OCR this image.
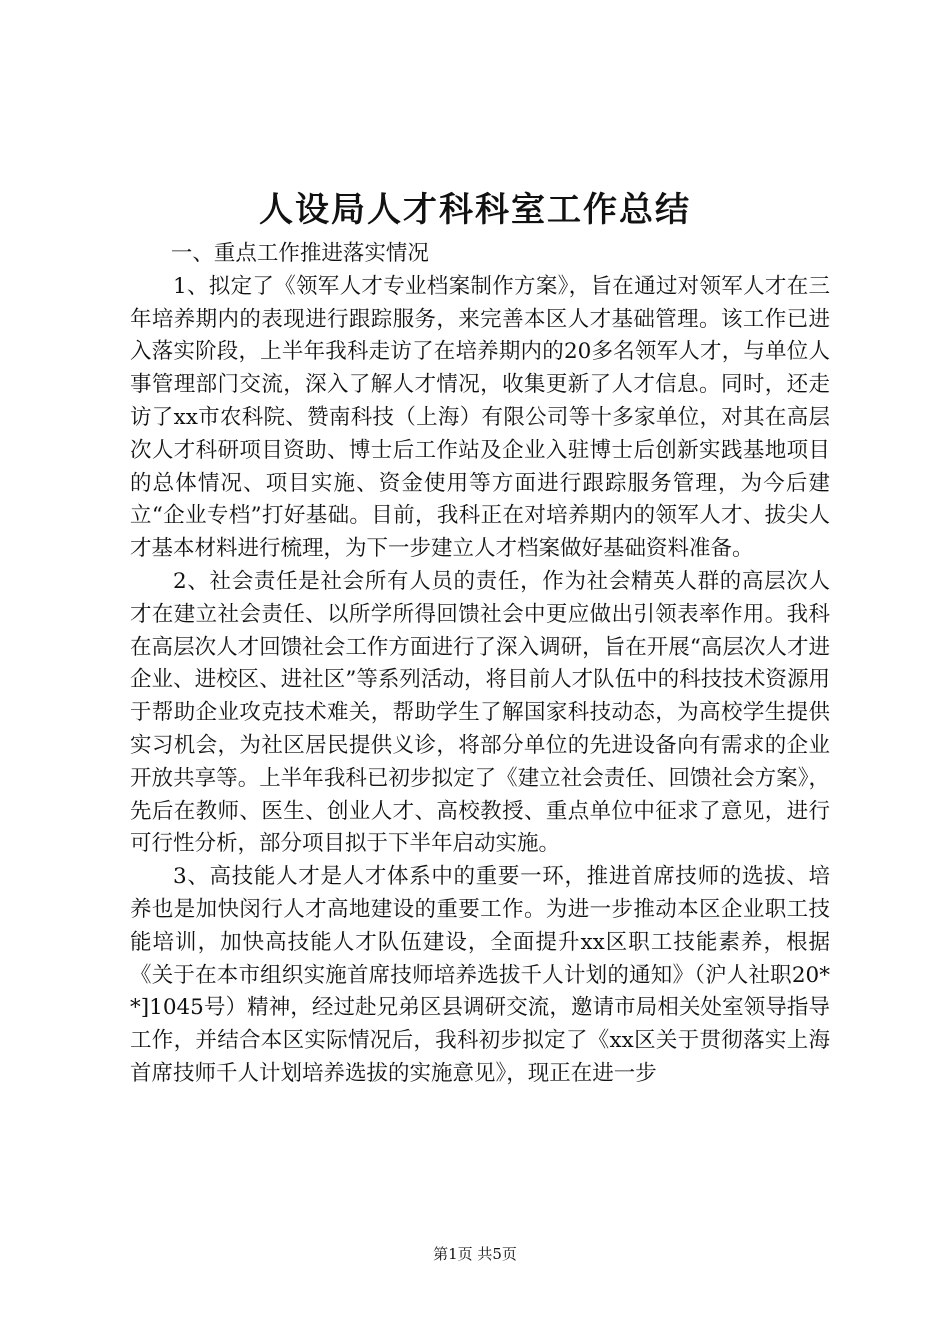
人设局人才科科室工作总结

一、重点工作推进落实情况

1、拟定了《领军人才专业档案制作方案》，旨在通过对领军人才在三年培养期内的表现进行跟踪服务，来完善本区人才基础管理。该工作已进入落实阶段，上半年我科走访了在培养期内的20多名领军人才，与单位人事管理部门交流，深入了解人才情况，收集更新了人才信息。同时，还走访了xx市农科院、赞南科技（上海）有限公司等十多家单位，对其在高层次人才科研项目资助、博士后工作站及企业入驻博士后创新实践基地项目的总体情况、项目实施、资金使用等方面进行跟踪服务管理，为今后建立“企业专档”打好基础。目前，我科正在对培养期内的领军人才、拔尖人才基本材料进行梳理，为下一步建立人才档案做好基础资料准备。

2、社会责任是社会所有人员的责任，作为社会精英人群的高层次人才在建立社会责任、以所学所得回馈社会中更应做出引领表率作用。我科在高层次人才回馈社会工作方面进行了深入调研，旨在开展“高层次人才进企业、进校区、进社区”等系列活动，将目前人才队伍中的科技技术资源用于帮助企业攻克技术难关，帮助学生了解国家科技动态，为高校学生提供实习机会，为社区居民提供义诊，将部分单位的先进设备向有需求的企业开放共享等。上半年我科已初步拟定了《建立社会责任、回馈社会方案》，先后在教师、医生、创业人才、高校教授、重点单位中征求了意见，进行可行性分析，部分项目拟于下半年启动实施。

3、高技能人才是人才体系中的重要一环，推进首席技师的选拔、培养也是加快闵行人才高地建设的重要工作。为进一步推动本区企业职工技能培训，加快高技能人才队伍建设，全面提升xx区职工技能素养，根据《关于在本市组织实施首席技师培养选拔千人计划的通知》（沪人社职20**]1045号）精神，经过赴兄弟区县调研交流，邀请市局相关处室领导指导工作，并结合本区实际情况后，我科初步拟定了《xx区关于贯彻落实上海首席技师千人计划培养选拔的实施意见》，现正在进一步

第1页 共5页
